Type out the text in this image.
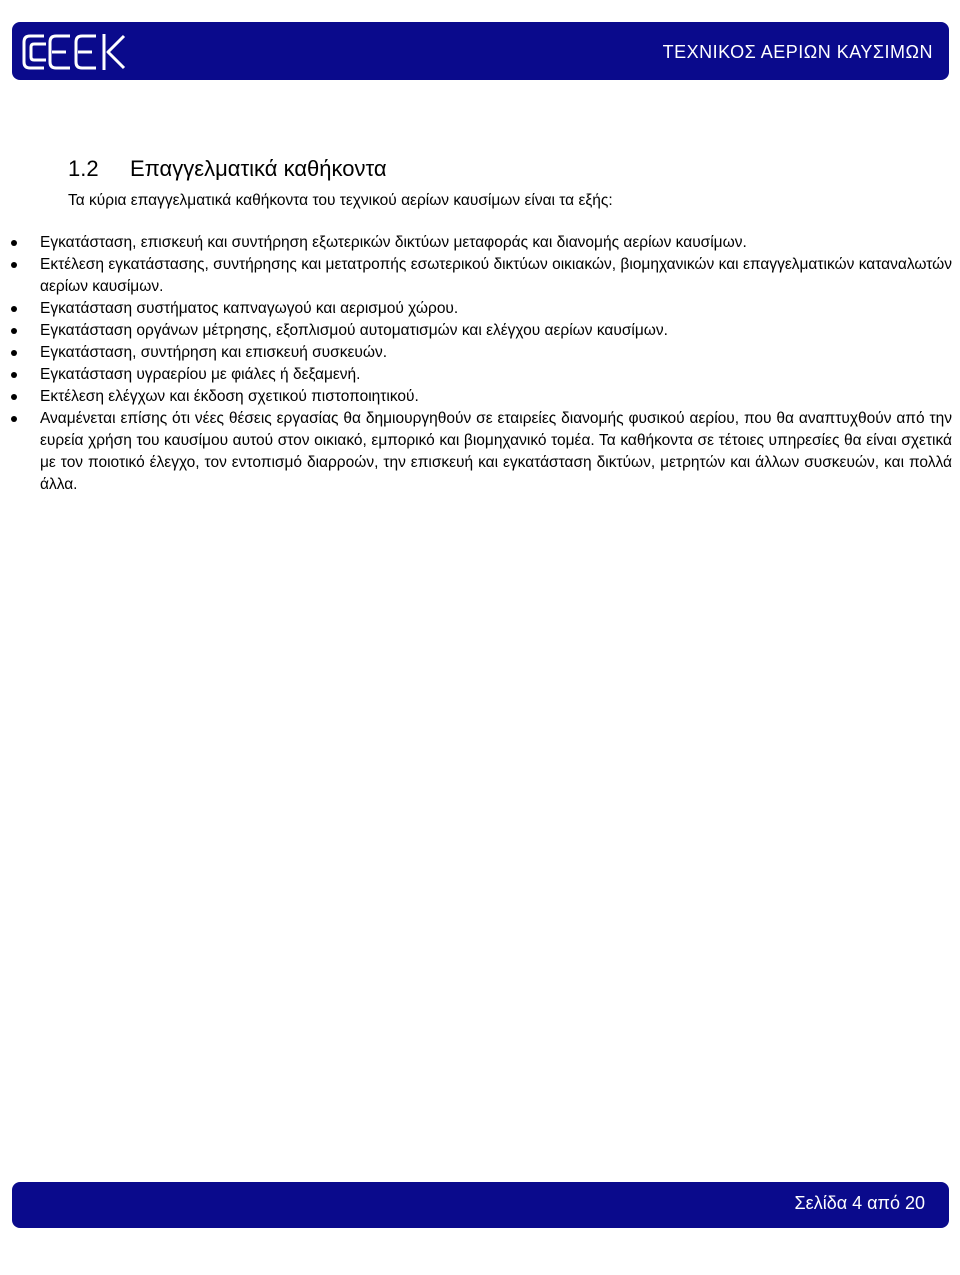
ΤΕΧΝΙΚΟΣ ΑΕΡΙΩΝ ΚΑΥΣΙΜΩΝ
1.2 Επαγγελματικά καθήκοντα
Τα κύρια επαγγελματικά καθήκοντα του τεχνικού αερίων καυσίμων είναι τα εξής:
Εγκατάσταση, επισκευή και συντήρηση εξωτερικών δικτύων μεταφοράς και διανομής αερίων καυσίμων.
Εκτέλεση εγκατάστασης, συντήρησης και μετατροπής εσωτερικού δικτύων οικιακών, βιομηχανικών και επαγγελματικών καταναλωτών αερίων καυσίμων.
Εγκατάσταση συστήματος καπναγωγού και αερισμού χώρου.
Εγκατάσταση οργάνων μέτρησης, εξοπλισμού αυτοματισμών και ελέγχου αερίων καυσίμων.
Εγκατάσταση, συντήρηση και επισκευή συσκευών.
Εγκατάσταση υγραερίου με φιάλες ή δεξαμενή.
Εκτέλεση ελέγχων και έκδοση σχετικού πιστοποιητικού.
Αναμένεται επίσης ότι νέες θέσεις εργασίας θα δημιουργηθούν σε εταιρείες διανομής φυσικού αερίου, που θα αναπτυχθούν από την ευρεία χρήση του καυσίμου αυτού στον οικιακό, εμπορικό και βιομηχανικό τομέα. Τα καθήκοντα σε τέτοιες υπηρεσίες θα είναι σχετικά με τον ποιοτικό έλεγχο, τον εντοπισμό διαρροών, την επισκευή και εγκατάσταση δικτύων, μετρητών και άλλων συσκευών, και πολλά άλλα.
Σελίδα 4 από 20
